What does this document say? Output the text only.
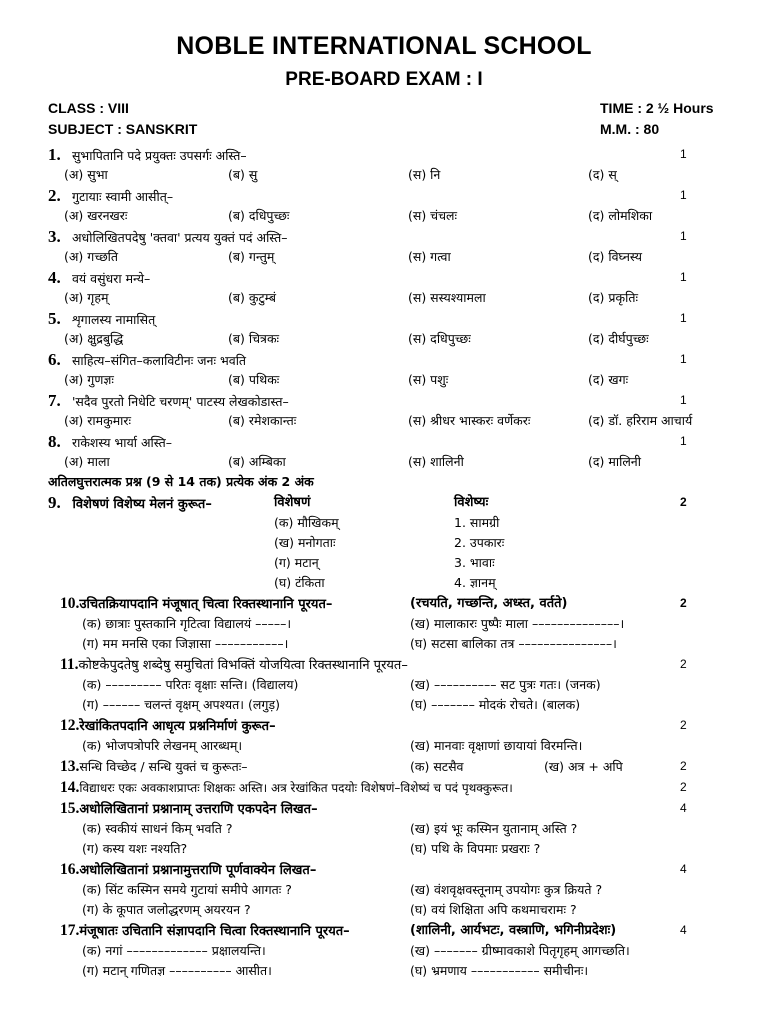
NOBLE INTERNATIONAL SCHOOL
PRE-BOARD EXAM : I
CLASS : VIII	TIME : 2 ½ Hours
SUBJECT : SANSKRIT	M.M. : 80
1. सुभापितानि पदे प्रयुक्तः उपसर्गः अस्ति–	1
(अ) सुभा	(ब) सु	(स) नि	(द) स्
2. गुटायाः स्वामी आसीत्–	1
(अ) खरनखरः	(ब) दधिपुच्छः	(स) चंचलः	(द) लोमशिका
3. अधोलिखितपदेषु 'क्तवा' प्रत्यय युक्तं पदं अस्ति–	1
(अ) गच्छति	(ब) गन्तुम्	(स) गत्वा	(द) विघ्नस्य
4. वयं वसुंधरा मन्ये–	1
(अ) गृहम्	(ब) कुटुम्बं	(स) सस्यश्यामला	(द) प्रकृतिः
5. शृगालस्य नामासित्	1
(अ) क्षुद्रबुद्धि	(ब) चित्रकः	(स) दधिपुच्छः	(द) दीर्घपुच्छः
6. साहित्य–संगित–कलाविटीनः जनः भवति	1
(अ) गुणज्ञः	(ब) पथिकः	(स) पशुः	(द) खगः
7. 'सदैव पुरतो निधेटि चरणम्' पाटस्य लेखकोडास्त–	1
(अ) रामकुमारः	(ब) रमेशकान्तः	(स) श्रीधर भास्करः वर्णेकरः	(द) डॉ. हरिराम आचार्य
8. राकेशस्य भार्या अस्ति–	1
(अ) माला	(ब) अम्बिका	(स) शालिनी	(द) मालिनी
अतिलघुत्तरात्मक प्रश्न (9 से 14 तक) प्रत्येक अंक 2 अंक
9. विशेषणं विशेष्य मेलनं कुरूत–	विशेषणं	विशेष्यः	2
(क) मौखिकम्	1. सामग्री
(ख) मनोगताः	2. उपकारः
(ग) मटान्	3. भावाः
(घ) टंकिता	4. ज्ञानम्
10.उचितक्रियापदानि मंजूषात् चित्वा रिक्तस्थानानि पूरयत–	(रचयति, गच्छन्ति, अध्स्त, वर्तते)	2
(क) छात्राः पुस्तकानि गृटित्वा विद्यालयं –––––।	(ख) मालाकारः पुष्पैः माला ––––––––––––––।
(ग) मम मनसि एका जिज्ञासा –––––––––––।	(घ) सटसा बालिका तत्र –––––––––––––––।
11.कोष्टकेपुदतेषु शब्देषु समुचितां विभक्तिं योजयित्वा रिक्तस्थानानि पूरयत–	2
(क) ––––––––– परितः वृक्षाः सन्ति। (विद्यालय)	(ख) –––––––––– सट पुत्रः गतः। (जनक)
(ग) –––––– चलन्तं वृक्षम् अपश्यत। (लगुड़)	(घ) ––––––– मोदकं रोचते। (बालक)
12.रेखांकितपदानि आधृत्य प्रश्ननिर्माणं कुरूत–	2
(क) भोजपत्रोपरि लेखनम् आरब्धम्।	(ख) मानवाः वृक्षाणां छायायां विरमन्ति।
13.सन्धि विच्छेद / सन्धि युक्तं च कुरूतः–	(क) सटसैव	(ख) अत्र + अपि	2
14.विद्याधरः एकः अवकाशप्राप्तः शिक्षकः अस्ति। अत्र रेखांकित पदयोः विशेषणं–विशेष्यं च पदं पृथक्कुरूत।	2
15.अधोलिखितानां प्रश्नानाम् उत्तराणि एकपदेन लिखत–	4
(क) स्वकीयं साधनं किम् भवति ?	(ख) इयं भूः कस्मिन युतानाम् अस्ति ?
(ग) कस्य यशः नश्यति?	(घ) पथि के विपमाः प्रखराः ?
16.अधोलिखितानां प्रश्नानामुत्तराणि पूर्णवाक्येन लिखत–	4
(क) सिंट कस्मिन समये गुटायां समीपे आगतः ?	(ख) वंशवृक्षवस्तूनाम् उपयोगः कुत्र क्रियते ?
(ग) के कूपात जलोद्धरणम् अयरयन ?	(घ) वयं शिक्षिता अपि कथमाचरामः ?
17.मंजूषातः उचितानि संज्ञापदानि चित्वा रिक्तस्थानानि पूरयत–	(शालिनी, आर्यभटः, वस्त्राणि, भगिनीप्रदेशः)	4
(क) नगां ––––––––––––– प्रक्षालयन्ति।	(ख) ––––––– ग्रीष्मावकाशे पितृगृहम् आगच्छति।
(ग) मटान् गणितज्ञ –––––––––– आसीत।	(घ) भ्रमणाय ––––––––––– समीचीनः।
